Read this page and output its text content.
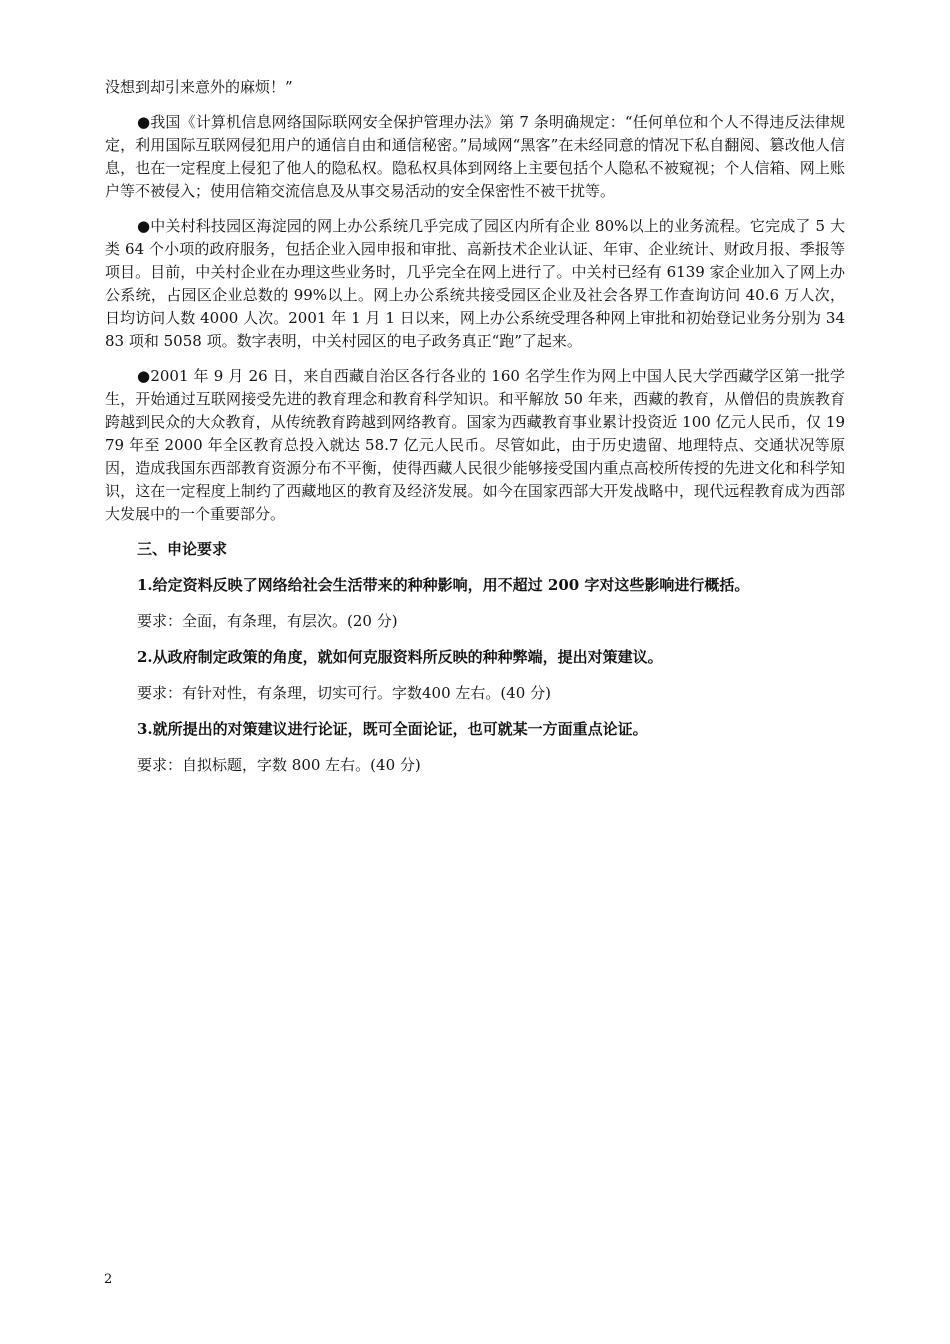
没想到却引来意外的麻烦！”

●我国《计算机信息网络国际联网安全保护管理办法》第 7 条明确规定：“任何单位和个人不得违反法律规定，利用国际互联网侵犯用户的通信自由和通信秘密。”局域网“黑客”在未经同意的情况下私自翻阅、篡改他人信息，也在一定程度上侵犯了他人的隐私权。隐私权具体到网络上主要包括个人隐私不被窥视；个人信箱、网上账户等不被侵入；使用信箱交流信息及从事交易活动的安全保密性不被干扰等。

●中关村科技园区海淀园的网上办公系统几乎完成了园区内所有企业 80%以上的业务流程。它完成了 5 大类 64 个小项的政府服务，包括企业入园申报和审批、高新技术企业认证、年审、企业统计、财政月报、季报等项目。目前，中关村企业在办理这些业务时，几乎完全在网上进行了。中关村已经有 6139 家企业加入了网上办公系统，占园区企业总数的 99%以上。网上办公系统共接受园区企业及社会各界工作查询访问 40.6 万人次，日均访问人数 4000 人次。2001 年 1 月 1 日以来，网上办公系统受理各种网上审批和初始登记业务分别为 3483 项和 5058 项。数字表明，中关村园区的电子政务真正“跑”了起来。

●2001 年 9 月 26 日，来自西藏自治区各行各业的 160 名学生作为网上中国人民大学西藏学区第一批学生，开始通过互联网接受先进的教育理念和教育科学知识。和平解放 50 年来，西藏的教育，从僧侣的贵族教育跨越到民众的大众教育，从传统教育跨越到网络教育。国家为西藏教育事业累计投资近 100 亿元人民币，仅 1979 年至 2000 年全区教育总投入就达 58.7 亿元人民币。尽管如此，由于历史遗留、地理特点、交通状况等原因，造成我国东西部教育资源分布不平衡，使得西藏人民很少能够接受国内重点高校所传授的先进文化和科学知识，这在一定程度上制约了西藏地区的教育及经济发展。如今在国家西部大开发战略中，现代远程教育成为西部大发展中的一个重要部分。

三、申论要求

1.给定资料反映了网络给社会生活带来的种种影响，用不超过 200 字对这些影响进行概括。

要求：全面，有条理，有层次。(20 分)

2.从政府制定政策的角度，就如何克服资料所反映的种种弊端，提出对策建议。

要求：有针对性，有条理，切实可行。字数400 左右。(40 分)

3.就所提出的对策建议进行论证，既可全面论证，也可就某一方面重点论证。

要求：自拟标题，字数 800 左右。(40 分)

2
